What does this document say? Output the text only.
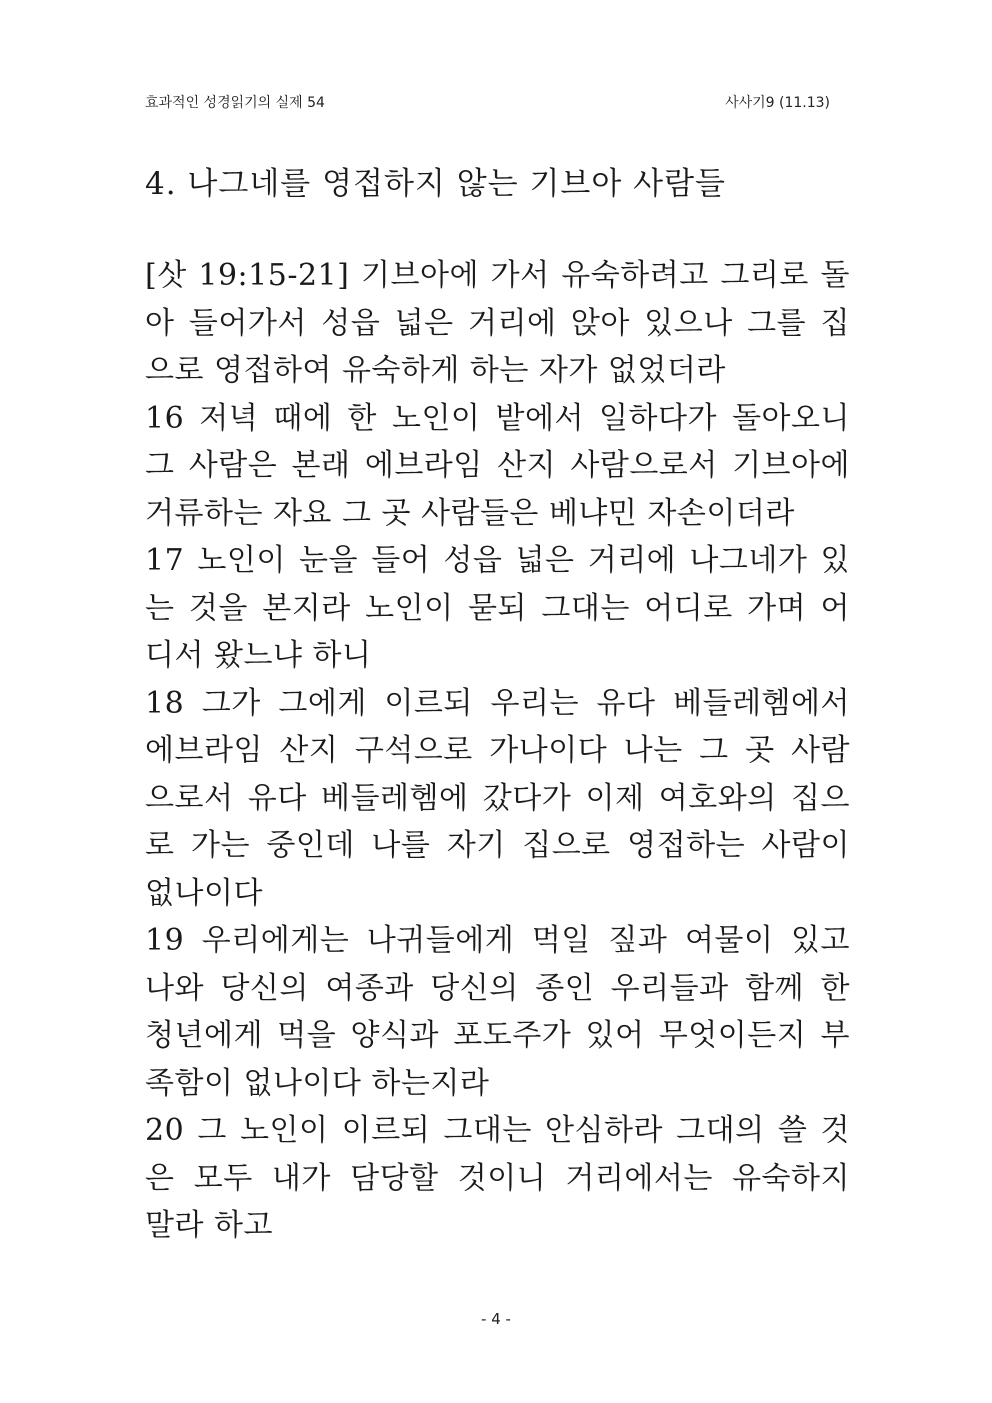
효과적인 성경읽기의 실제 54	사사기9 (11.13)
4. 나그네를 영접하지 않는 기브아 사람들
[삿 19:15-21] 기브아에 가서 유숙하려고 그리로 돌
아 들어가서 성읍 넓은 거리에 앉아 있으나 그를 집
으로 영접하여 유숙하게 하는 자가 없었더라
16 저녁 때에 한 노인이 밭에서 일하다가 돌아오니
그 사람은 본래 에브라임 산지 사람으로서 기브아에
거류하는 자요 그 곳 사람들은 베냐민 자손이더라
17 노인이 눈을 들어 성읍 넓은 거리에 나그네가 있
는 것을 본지라 노인이 묻되 그대는 어디로 가며 어
디서 왔느냐 하니
18 그가 그에게 이르되 우리는 유다 베들레헴에서
에브라임 산지 구석으로 가나이다 나는 그 곳 사람
으로서 유다 베들레헴에 갔다가 이제 여호와의 집으
로 가는 중인데 나를 자기 집으로 영접하는 사람이
없나이다
19 우리에게는 나귀들에게 먹일 짚과 여물이 있고
나와 당신의 여종과 당신의 종인 우리들과 함께 한
청년에게 먹을 양식과 포도주가 있어 무엇이든지 부
족함이 없나이다 하는지라
20 그 노인이 이르되 그대는 안심하라 그대의 쓸 것
은 모두 내가 담당할 것이니 거리에서는 유숙하지
말라 하고
- 4 -
